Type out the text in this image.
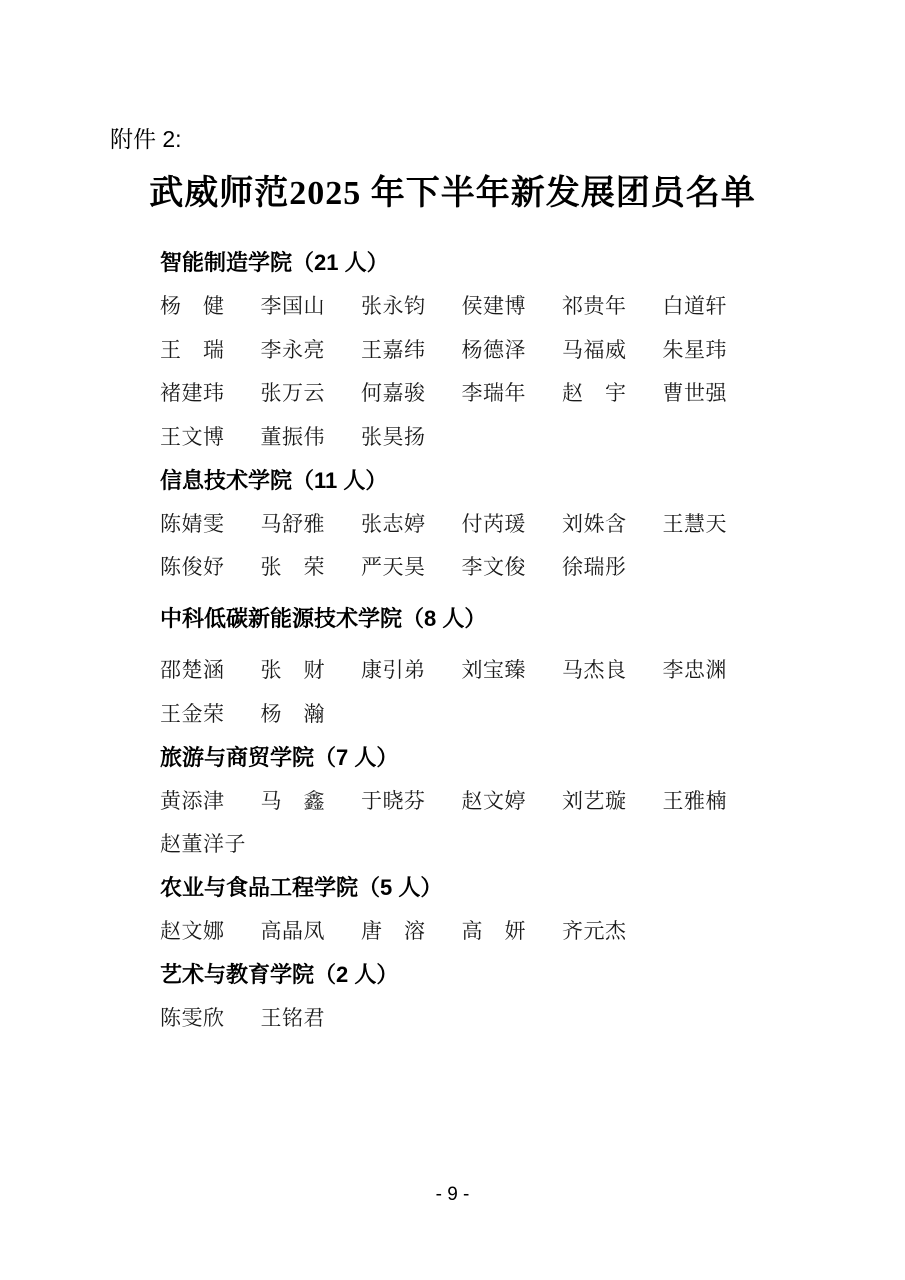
附件 2:
武威师范2025 年下半年新发展团员名单
智能制造学院（21 人）
杨　健 李国山 张永钧 侯建博 祁贵年 白道轩
王　瑞 李永亮 王嘉纬 杨德泽 马福威 朱星玮
褚建玮 张万云 何嘉骏 李瑞年 赵　宇 曹世强
王文博 董振伟 张昊扬
信息技术学院（11 人）
陈婧雯 马舒雅 张志婷 付芮瑗 刘姝含 王慧天
陈俊妤 张　荣 严天昊 李文俊 徐瑞彤
中科低碳新能源技术学院（8 人）
邵楚涵 张　财 康引弟 刘宝臻 马杰良 李忠渊
王金荣 杨　瀚
旅游与商贸学院（7 人）
黄添津 马　鑫 于晓芬 赵文婷 刘艺璇 王雅楠
赵董洋子
农业与食品工程学院（5 人）
赵文娜 高晶凤 唐　溶 高　妍 齐元杰
艺术与教育学院（2 人）
陈雯欣 王铭君
- 9 -
